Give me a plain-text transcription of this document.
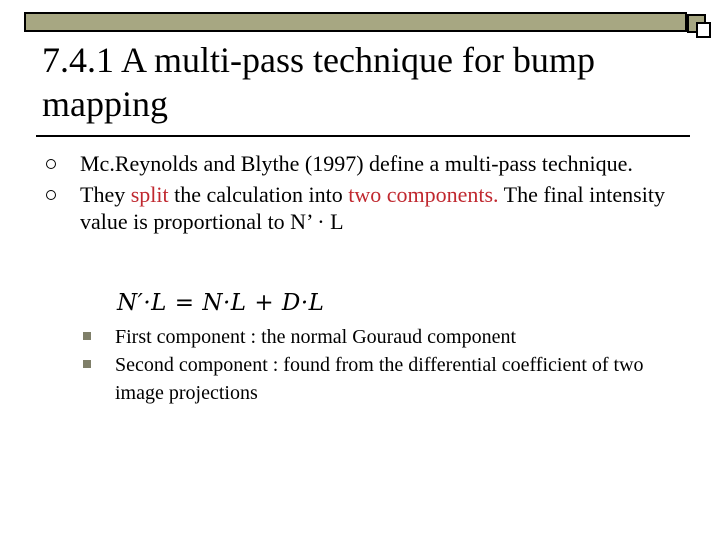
7.4.1 A multi-pass technique for bump mapping
Mc.Reynolds and Blythe (1997) define a multi-pass technique.
They split the calculation into two components. The final intensity value is proportional to N’ · L
N′·L = N·L + D·L
First component : the normal Gouraud component
Second component : found from the differential coefficient of two image projections
